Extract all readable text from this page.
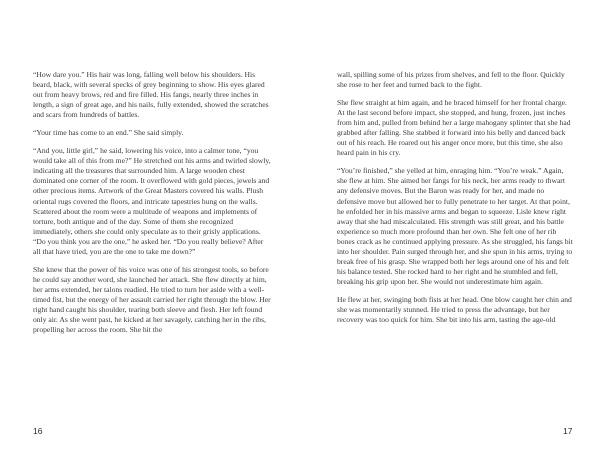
“How dare you.” His hair was long, falling well below his shoulders. His beard, black, with several specks of grey beginning to show. His eyes glared out from heavy brows, red and fire filled. His fangs, nearly three inches in length, a sign of great age, and his nails, fully extended, showed the scratches and scars from hundreds of battles.

“Your time has come to an end.” She said simply.

“And you, little girl,” he said, lowering his voice, into a calmer tone, “you would take all of this from me?” He stretched out his arms and twirled slowly, indicating all the treasures that surrounded him. A large wooden chest dominated one corner of the room. It overflowed with gold pieces, jewels and other precious items. Artwork of the Great Masters covered his walls. Plush oriental rugs covered the floors, and intricate tapestries hung on the walls. Scattered about the room were a multitude of weapons and implements of torture, both antique and of the day. Some of them she recognized immediately, others she could only speculate as to their grisly applications. “Do you think you are the one,” he asked her. “Do you really believe? After all that have tried, you are the one to take me down?”

She knew that the power of his voice was one of his strongest tools, so before he could say another word, she launched her attack. She flew directly at him, her arms extended, her talons readied. He tried to turn her aside with a well-timed fist, but the energy of her assault carried her right through the blow. Her right hand caught his shoulder, tearing both sleeve and flesh. Her left found only air. As she went past, he kicked at her savagely, catching her in the ribs, propelling her across the room. She hit the

16

wall, spilling some of his prizes from shelves, and fell to the floor. Quickly she rose to her feet and turned back to the fight.

She flew straight at him again, and he braced himself for her frontal charge. At the last second before impact, she stopped, and hung, frozen, just inches from him and, pulled from behind her a large mahogany splinter that she had grabbed after falling. She stabbed it forward into his belly and danced back out of his reach. He roared out his anger once more, but this time, she also heard pain in his cry.

“You’re finished,” she yelled at him, enraging him. “You’re weak.” Again, she flew at him. She aimed her fangs for his neck, her arms ready to thwart any defensive moves. But the Baron was ready for her, and made no defensive move but allowed her to fully penetrate to her target. At that point, he enfolded her in his massive arms and began to squeeze. Lisle knew right away that she had miscalculated. His strength was still great, and his battle experience so much more profound than her own. She felt one of her rib bones crack as he continued applying pressure. As she struggled, his fangs bit into her shoulder. Pain surged through her, and she spun in his arms, trying to break free of his grasp. She wrapped both her legs around one of his and felt his balance tested. She rocked hard to her right and he stumbled and fell, breaking his grip upon her. She would not underestimate him again.

He flew at her, swinging both fists at her head. One blow caught her chin and she was momentarily stunned. He tried to press the advantage, but her recovery was too quick for him. She bit into his arm, tasting the age-old

17
